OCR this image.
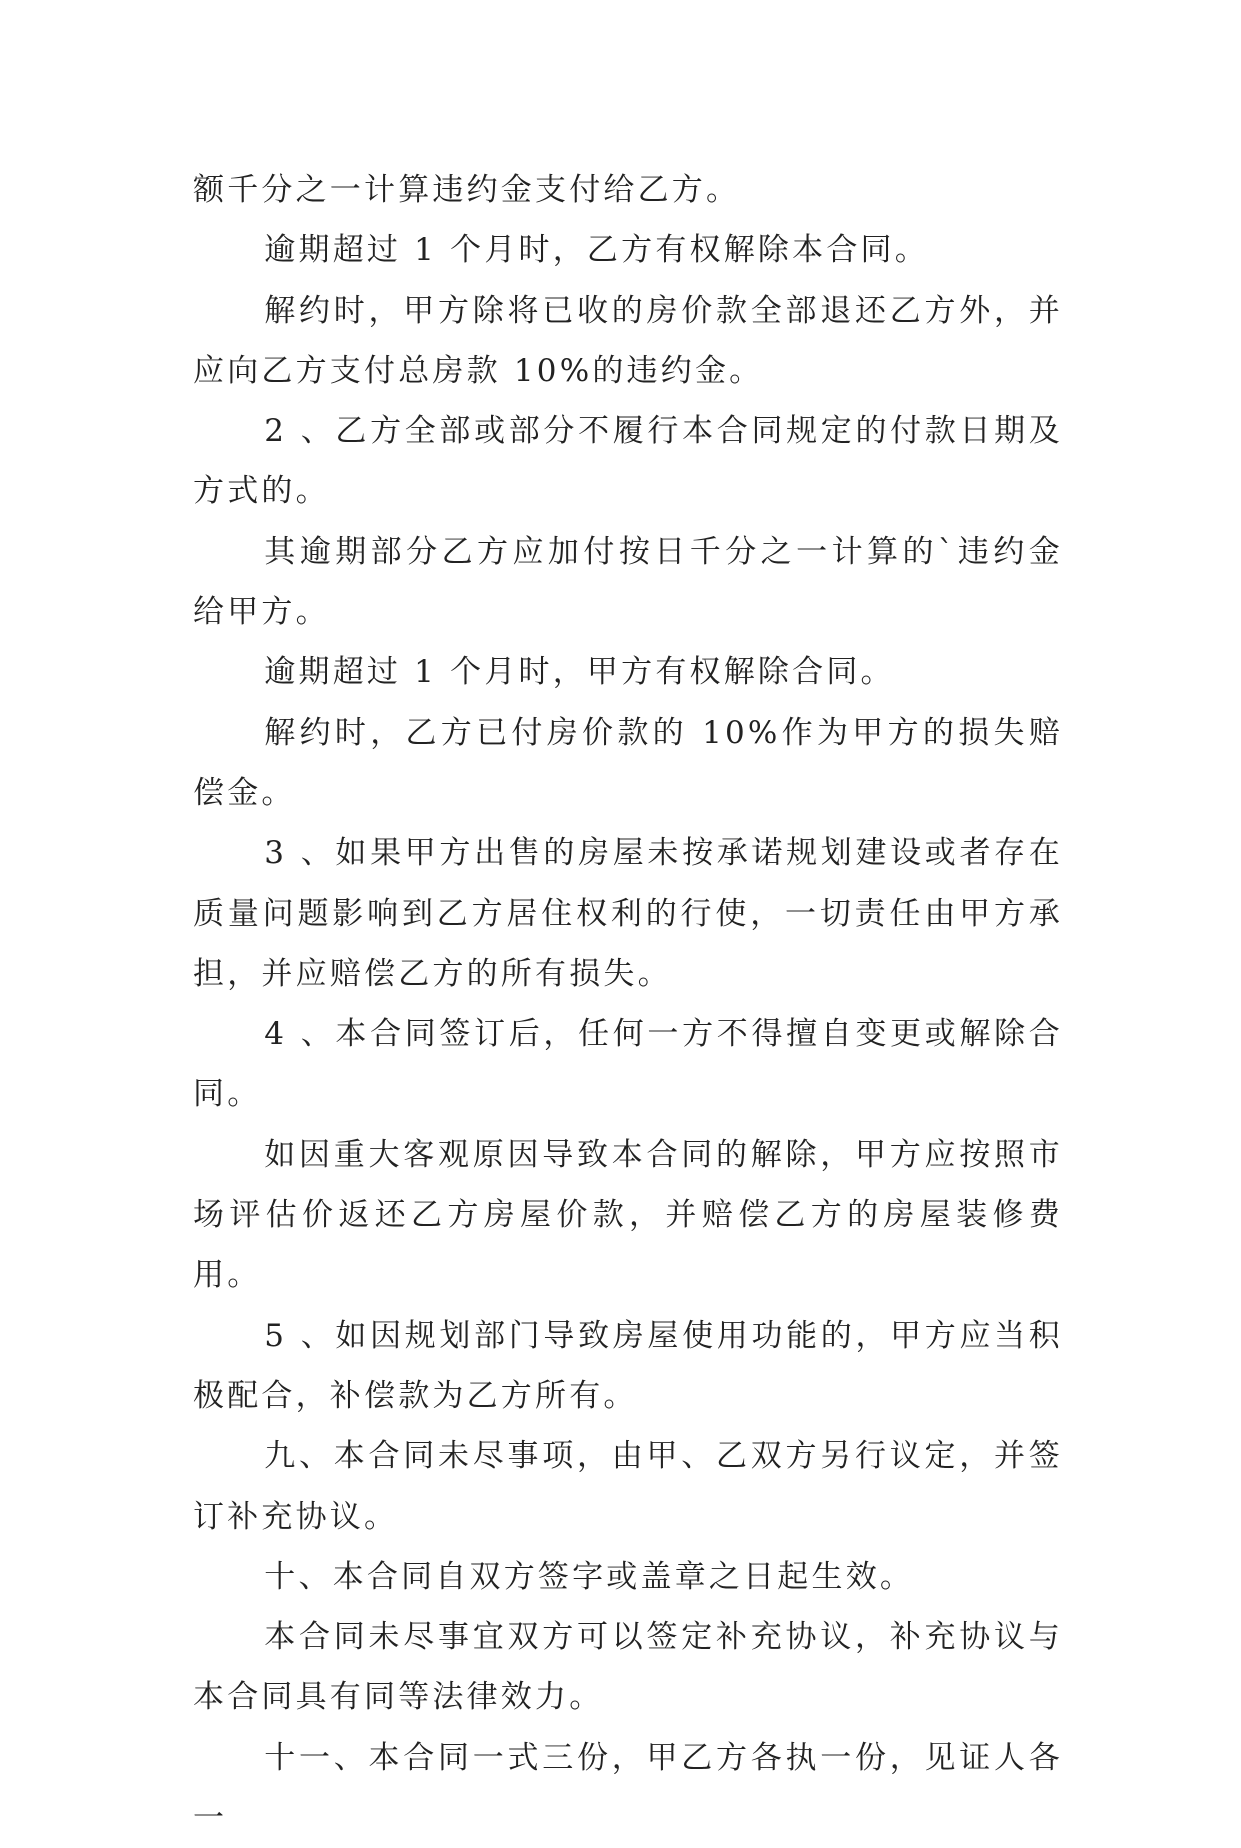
额千分之一计算违约金支付给乙方。

逾期超过 1 个月时，乙方有权解除本合同。

解约时，甲方除将已收的房价款全部退还乙方外，并应向乙方支付总房款 10%的违约金。

2 、乙方全部或部分不履行本合同规定的付款日期及方式的。

其逾期部分乙方应加付按日千分之一计算的`违约金给甲方。

逾期超过 1 个月时，甲方有权解除合同。

解约时，乙方已付房价款的 10%作为甲方的损失赔偿金。

3 、如果甲方出售的房屋未按承诺规划建设或者存在质量问题影响到乙方居住权利的行使，一切责任由甲方承担，并应赔偿乙方的所有损失。

4 、本合同签订后，任何一方不得擅自变更或解除合同。

如因重大客观原因导致本合同的解除，甲方应按照市场评估价返还乙方房屋价款，并赔偿乙方的房屋装修费用。

5 、如因规划部门导致房屋使用功能的，甲方应当积极配合，补偿款为乙方所有。

九、本合同未尽事项，由甲、乙双方另行议定，并签订补充协议。

十、本合同自双方签字或盖章之日起生效。

本合同未尽事宜双方可以签定补充协议，补充协议与本合同具有同等法律效力。

十一、本合同一式三份，甲乙方各执一份，见证人各一
